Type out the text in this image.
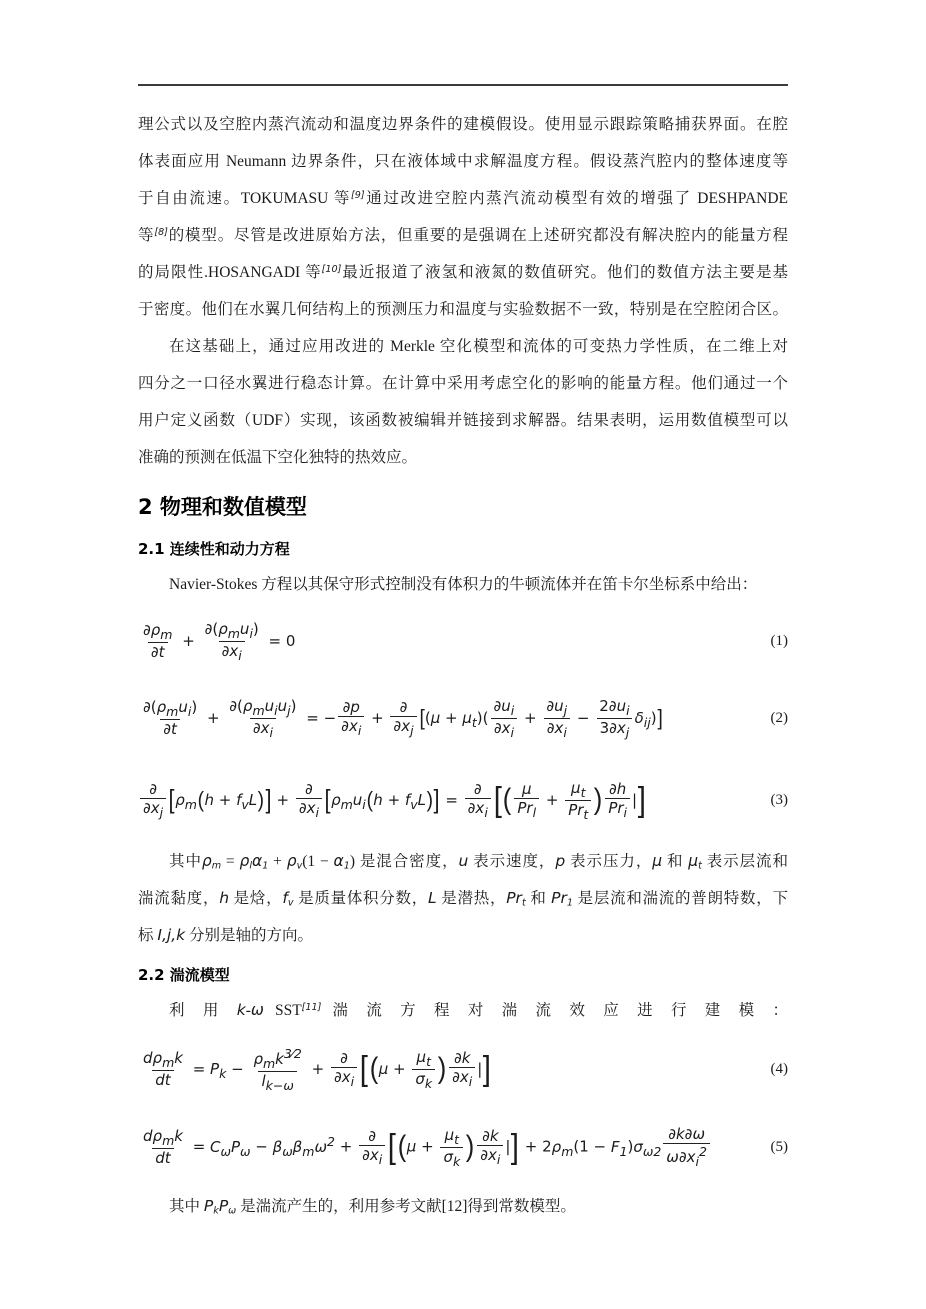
理公式以及空腔内蒸汽流动和温度边界条件的建模假设。使用显示跟踪策略捕获界面。在腔
体表面应用 Neumann 边界条件，只在液体域中求解温度方程。假设蒸汽腔内的整体速度等
于自由流速。TOKUMASU 等[9]通过改进空腔内蒸汽流动模型有效的增强了 DESHPANDE
等[8]的模型。尽管是改进原始方法，但重要的是强调在上述研究都没有解决腔内的能量方程
的局限性.HOSANGADI 等[10]最近报道了液氢和液氮的数值研究。他们的数值方法主要是基
于密度。他们在水翼几何结构上的预测压力和温度与实验数据不一致，特别是在空腔闭合区。
在这基础上，通过应用改进的 Merkle 空化模型和流体的可变热力学性质，在二维上对
四分之一口径水翼进行稳态计算。在计算中采用考虑空化的影响的能量方程。他们通过一个
用户定义函数（UDF）实现，该函数被编辑并链接到求解器。结果表明，运用数值模型可以
准确的预测在低温下空化独特的热效应。
2 物理和数值模型
2.1 连续性和动力方程
Navier-Stokes 方程以其保守形式控制没有体积力的牛顿流体并在笛卡尔坐标系中给出：
$\frac{\partial\rho_m}{\partial t} + \frac{\partial(\rho_mu_i)}{\partial x_i} = 0$	(1)
$\frac{\partial(\rho_mu_i)}{\partial t} + \frac{\partial(\rho_mu_iu_j)}{\partial x_i}$ = − $\frac{\partial p}{\partial x_i} + \frac{\partial}{\partial x_j} [(\mu + \mu_t)( \frac{\partial u_i}{\partial x_i} + \frac{\partial u_j}{\partial x_i} - \frac{2\partial u_i}{3\partial x_j} \delta_{ij})]$	(2)
$\frac{\partial}{\partial x_j} [\rho_m(h + f_vL)] + \frac{\partial}{\partial x_i} [\rho_mu_i(h + f_vL)] = \frac{\partial}{\partial x_i}$ [( $\frac{\mu}{Pr_l} + \frac{\mu_t}{Pr_t}$ ) $\frac{\partial h}{Pr_i}$ |]	(3)
其中$\rho_m = \rho_l\alpha_1 + \rho_v(1 - \alpha_1)$ 是混合密度，u 表示速度，p 表示压力，μ 和 $\mu_t$ 表示层流和
湍流黏度，h 是焓，$f_v$ 是质量体积分数，L 是潜热，$Pr_t$ 和 $Pr_1$ 是层流和湍流的普朗特数，下
标 I,j,k 分别是轴的方向。
2.2 湍流模型
利 用 k-ω SST[11] 湍 流 方 程 对 湍 流 效 应 进 行 建 模 ：
$\frac{d\rho_mk}{dt} = P_k - \frac{\rho_mk^{3⁄2}}{l_{k-\omega}} + \frac{\partial}{\partial x_i} [(\mu + \frac{\mu_t}{\sigma_k}$ ) $\frac{\partial k}{\partial x_i}$ |]	(4)
$\frac{d\rho_mk}{dt} = C_\omega P_\omega - \beta_\omega\beta_m\omega^2 + \frac{\partial}{\partial x_i} [(\mu + \frac{\mu_t}{\sigma_k}$ ) $\frac{\partial k}{\partial x_i}$ |] + $2\rho_m(1 - F_1)\sigma_{\omega 2} \frac{\partial k\partial\omega}{\omega\partial x_i^2}$	(5)
其中 $P_kP_\omega$ 是湍流产生的，利用参考文献[12]得到常数模型。
